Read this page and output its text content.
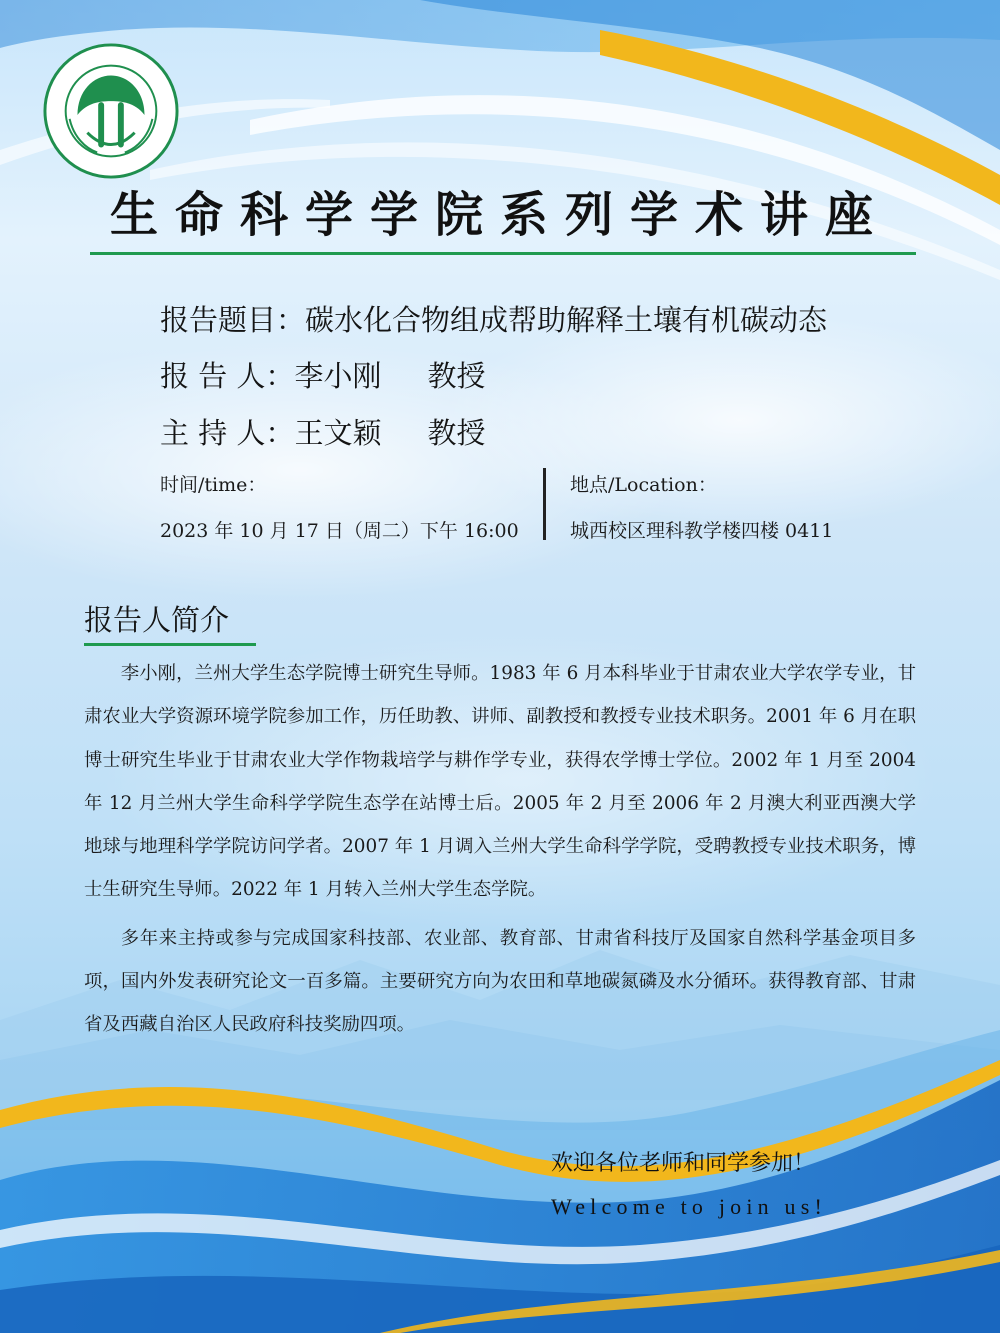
生命科学学院系列学术讲座
报告题目：碳水化合物组成帮助解释土壤有机碳动态
报 告 人：李小刚 教授
主 持 人：王文颖 教授
时间/time：
2023 年 10 月 17 日（周二）下午 16:00
地点/Location：
城西校区理科教学楼四楼 0411
报告人简介

李小刚，兰州大学生态学院博士研究生导师。1983 年 6 月本科毕业于甘肃农业大学农学专业，甘肃农业大学资源环境学院参加工作，历任助教、讲师、副教授和教授专业技术职务。2001 年 6 月在职博士研究生毕业于甘肃农业大学作物栽培学与耕作学专业，获得农学博士学位。2002 年 1 月至 2004 年 12 月兰州大学生命科学学院生态学在站博士后。2005 年 2 月至 2006 年 2 月澳大利亚西澳大学地球与地理科学学院访问学者。2007 年 1 月调入兰州大学生命科学学院，受聘教授专业技术职务，博士生研究生导师。2022 年 1 月转入兰州大学生态学院。

多年来主持或参与完成国家科技部、农业部、教育部、甘肃省科技厅及国家自然科学基金项目多项，国内外发表研究论文一百多篇。主要研究方向为农田和草地碳氮磷及水分循环。获得教育部、甘肃省及西藏自治区人民政府科技奖励四项。

欢迎各位老师和同学参加！
Welcome to join us!
